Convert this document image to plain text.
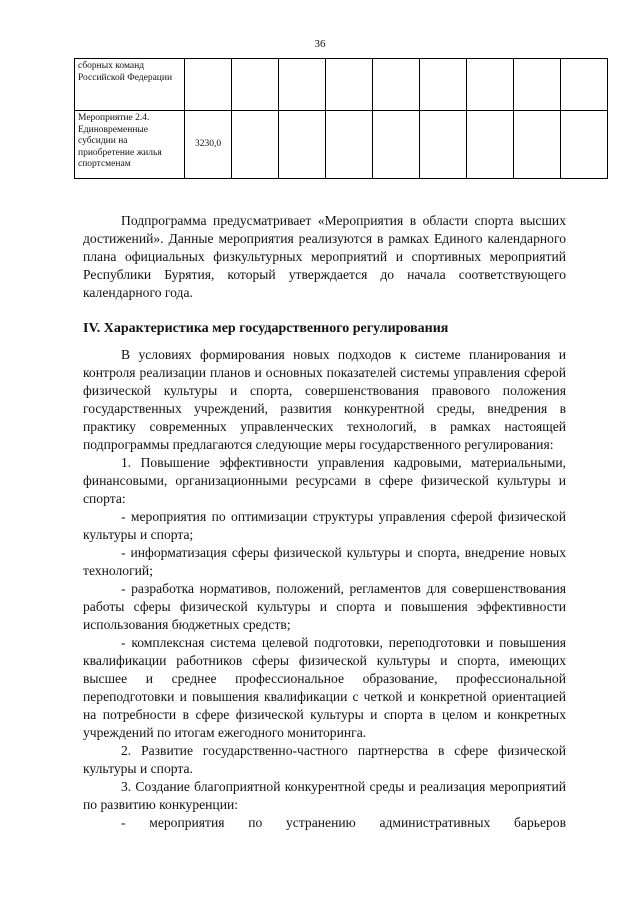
36
сборных команд Российской Федерации									
Мероприятие 2.4. Единовременные субсидии на приобретение жилья спортсменам	3230,0								

Подпрограмма предусматривает «Мероприятия в области спорта высших достижений». Данные мероприятия реализуются в рамках Единого календарного плана официальных физкультурных мероприятий и спортивных мероприятий Республики Бурятия, который утверждается до начала соответствующего календарного года.

IV. Характеристика мер государственного регулирования

В условиях формирования новых подходов к системе планирования и контроля реализации планов и основных показателей системы управления сферой физической культуры и спорта, совершенствования правового положения государственных учреждений, развития конкурентной среды, внедрения в практику современных управленческих технологий, в рамках настоящей подпрограммы предлагаются следующие меры государственного регулирования:

1. Повышение эффективности управления кадровыми, материальными, финансовыми, организационными ресурсами в сфере физической культуры и спорта:

- мероприятия по оптимизации структуры управления сферой физической культуры и спорта;

- информатизация сферы физической культуры и спорта, внедрение новых технологий;

- разработка нормативов, положений, регламентов для совершенствования работы сферы физической культуры и спорта и повышения эффективности использования бюджетных средств;

- комплексная система целевой подготовки, переподготовки и повышения квалификации работников сферы физической культуры и спорта, имеющих высшее и среднее профессиональное образование, профессиональной переподготовки и повышения квалификации с четкой и конкретной ориентацией на потребности в сфере физической культуры и спорта в целом и конкретных учреждений по итогам ежегодного мониторинга.

2. Развитие государственно-частного партнерства в сфере физической культуры и спорта.

3. Создание благоприятной конкурентной среды и реализация мероприятий по развитию конкуренции:

- мероприятия по устранению административных барьеров
